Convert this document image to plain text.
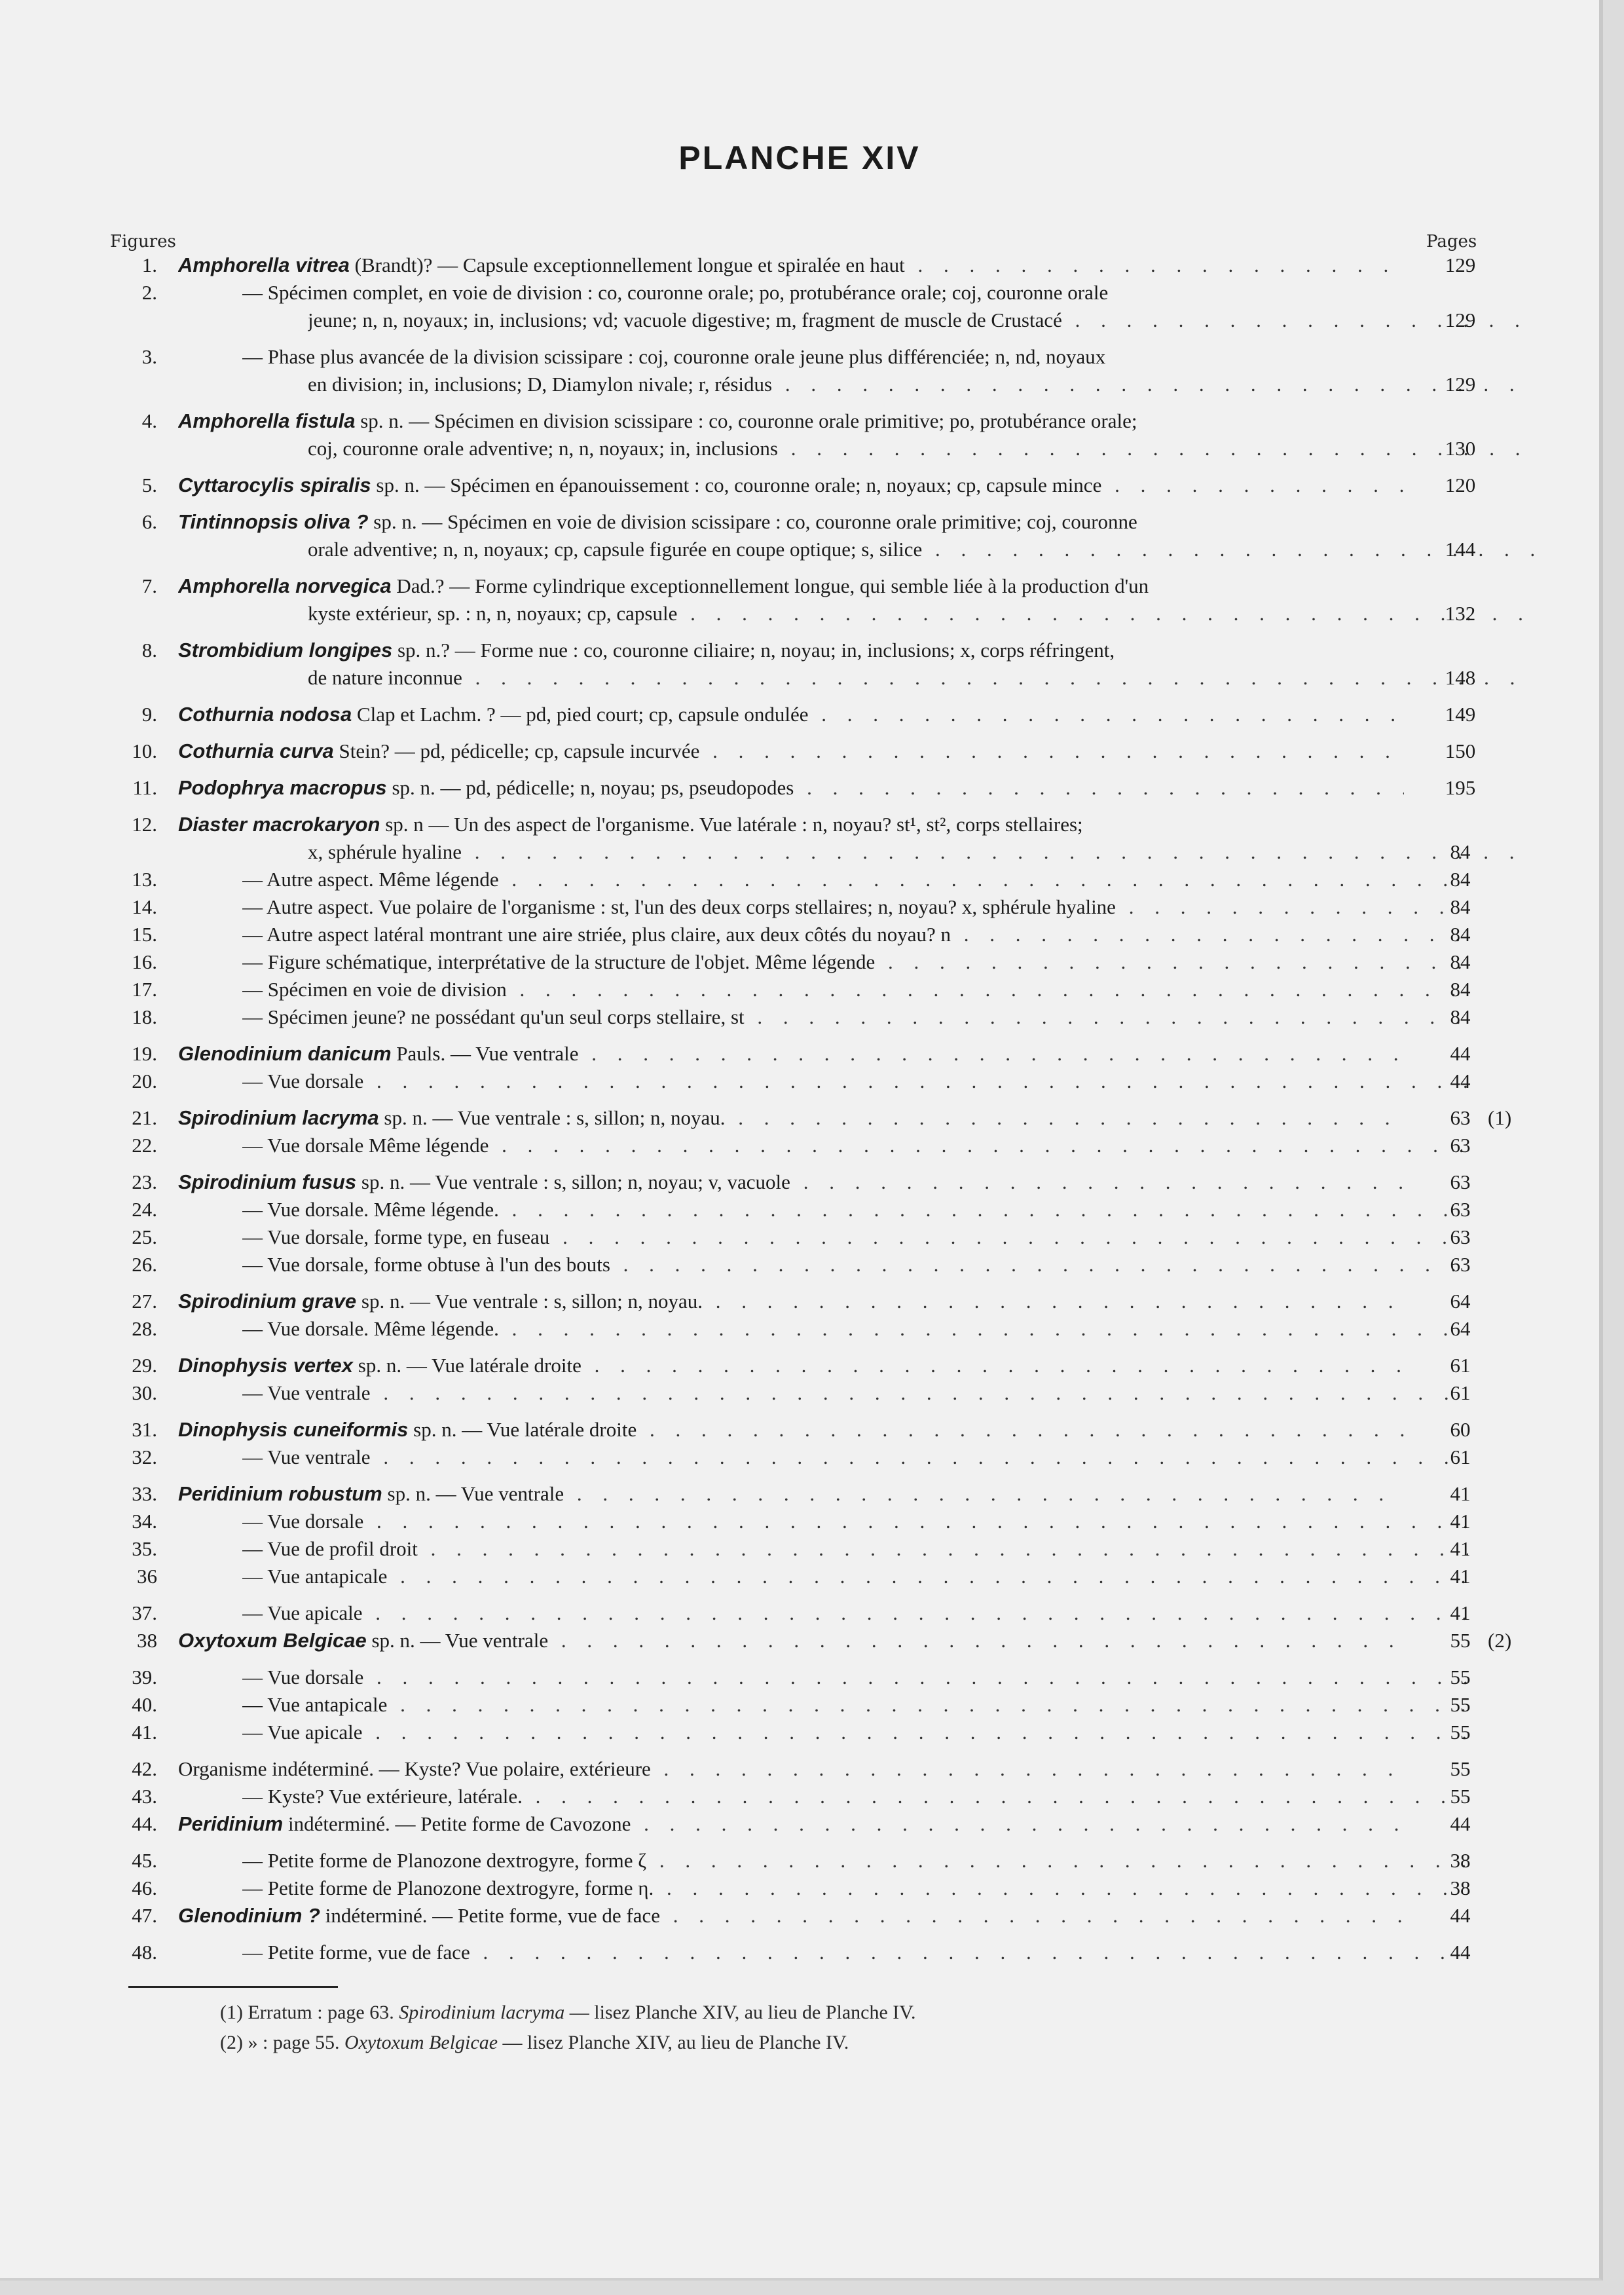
PLANCHE XIV
Figures	Pages
1. Amphorella vitrea (Brandt)? — Capsule exceptionnellement longue et spiralée en haut . . .	129
2.	— Spécimen complet, en voie de division : co, couronne orale; po, protubérance orale; coj, couronne orale
jeune; n, n, noyaux; in, inclusions; vd; vacuole digestive; m, fragment de muscle de Crustacé . . .	129
3.	— Phase plus avancée de la division scissipare : coj, couronne orale jeune plus différenciée; n, nd, noyaux
en division; in, inclusions; D, Diamylon nivale; r, résidus . . .	129
4. Amphorella fistula sp. n. — Spécimen en division scissipare : co, couronne orale primitive; po, protubérance orale;
coj, couronne orale adventive; n, n, noyaux; in, inclusions . . .	130
5. Cyttarocylis spiralis sp. n. — Spécimen en épanouissement : co, couronne orale; n, noyaux; cp, capsule mince . . .	120
6. Tintinnopsis oliva ? sp. n. — Spécimen en voie de division scissipare : co, couronne orale primitive; coj, couronne
orale adventive; n, n, noyaux; cp, capsule figurée en coupe optique; s, silice . . .	144
7. Amphorella norvegica Dad.? — Forme cylindrique exceptionnellement longue, qui semble liée à la production d'un
kyste extérieur, sp. : n, n, noyaux; cp, capsule . . .	132
8. Strombidium longipes sp. n.? — Forme nue : co, couronne ciliaire; n, noyau; in, inclusions; x, corps réfringent,
de nature inconnue . . .	148
9. Cothurnia nodosa Clap et Lachm. ? — pd, pied court; cp, capsule ondulée . . .	149
10. Cothurnia curva Stein? — pd, pédicelle; cp, capsule incurvée . . .	150
11. Podophrya macropus sp. n. — pd, pédicelle; n, noyau; ps, pseudopodes . . .	195
12. Diaster macrokaryon sp. n — Un des aspect de l'organisme. Vue latérale : n, noyau? st¹, st², corps stellaires;
x, sphérule hyaline . . .	84
13.	— Autre aspect. Même légende . . .	84
14.	— Autre aspect. Vue polaire de l'organisme : st, l'un des deux corps stellaires; n, noyau? x, sphérule hyaline . . .	84
15.	— Autre aspect latéral montrant une aire striée, plus claire, aux deux côtés du noyau? n . . .	84
16.	— Figure schématique, interprétative de la structure de l'objet. Même légende . . .	84
17.	— Spécimen en voie de division . . .	84
18.	— Spécimen jeune? ne possédant qu'un seul corps stellaire, st . . .	84
19. Glenodinium danicum Pauls. — Vue ventrale . . .	44
20.	— Vue dorsale . . .	44
21. Spirodinium lacryma sp. n. — Vue ventrale : s, sillon; n, noyau. . . .	63 (1)
22.	— Vue dorsale Même légende . . .	63
23. Spirodinium fusus sp. n. — Vue ventrale : s, sillon; n, noyau; v, vacuole . . .	63
24.	— Vue dorsale. Même légende. . . .	63
25.	— Vue dorsale, forme type, en fuseau . . .	63
26.	— Vue dorsale, forme obtuse à l'un des bouts . . .	63
27. Spirodinium grave sp. n. — Vue ventrale : s, sillon; n, noyau. . . .	64
28.	— Vue dorsale. Même légende. . . .	64
29. Dinophysis vertex sp. n. — Vue latérale droite . . .	61
30.	— Vue ventrale . . .	61
31. Dinophysis cuneiformis sp. n. — Vue latérale droite . . .	60
32.	— Vue ventrale . . .	61
33. Peridinium robustum sp. n. — Vue ventrale . . .	41
34.	— Vue dorsale . . .	41
35.	— Vue de profil droit . . .	41
36	— Vue antapicale . . .	41
37.	— Vue apicale . . .	41
38 Oxytoxum Belgicae sp. n. — Vue ventrale . . .	55 (2)
39.	— Vue dorsale . . .	55
40.	— Vue antapicale . . .	55
41.	— Vue apicale . . .	55
42. Organisme indéterminé. — Kyste? Vue polaire, extérieure . . .	55
43.	— Kyste? Vue extérieure, latérale. . . .	55
44. Peridinium indéterminé. — Petite forme de Cavozone . . .	44
45.	— Petite forme de Planozone dextrogyre, forme ζ . . .	38
46.	— Petite forme de Planozone dextrogyre, forme η. . . .	38
47. Glenodinium ? indéterminé. — Petite forme, vue de face . . .	44
48.	— Petite forme, vue de face . . .	44
(1) Erratum : page 63. Spirodinium lacryma — lisez Planche XIV, au lieu de Planche IV.
(2) » : page 55. Oxytoxum Belgicae — lisez Planche XIV, au lieu de Planche IV.
